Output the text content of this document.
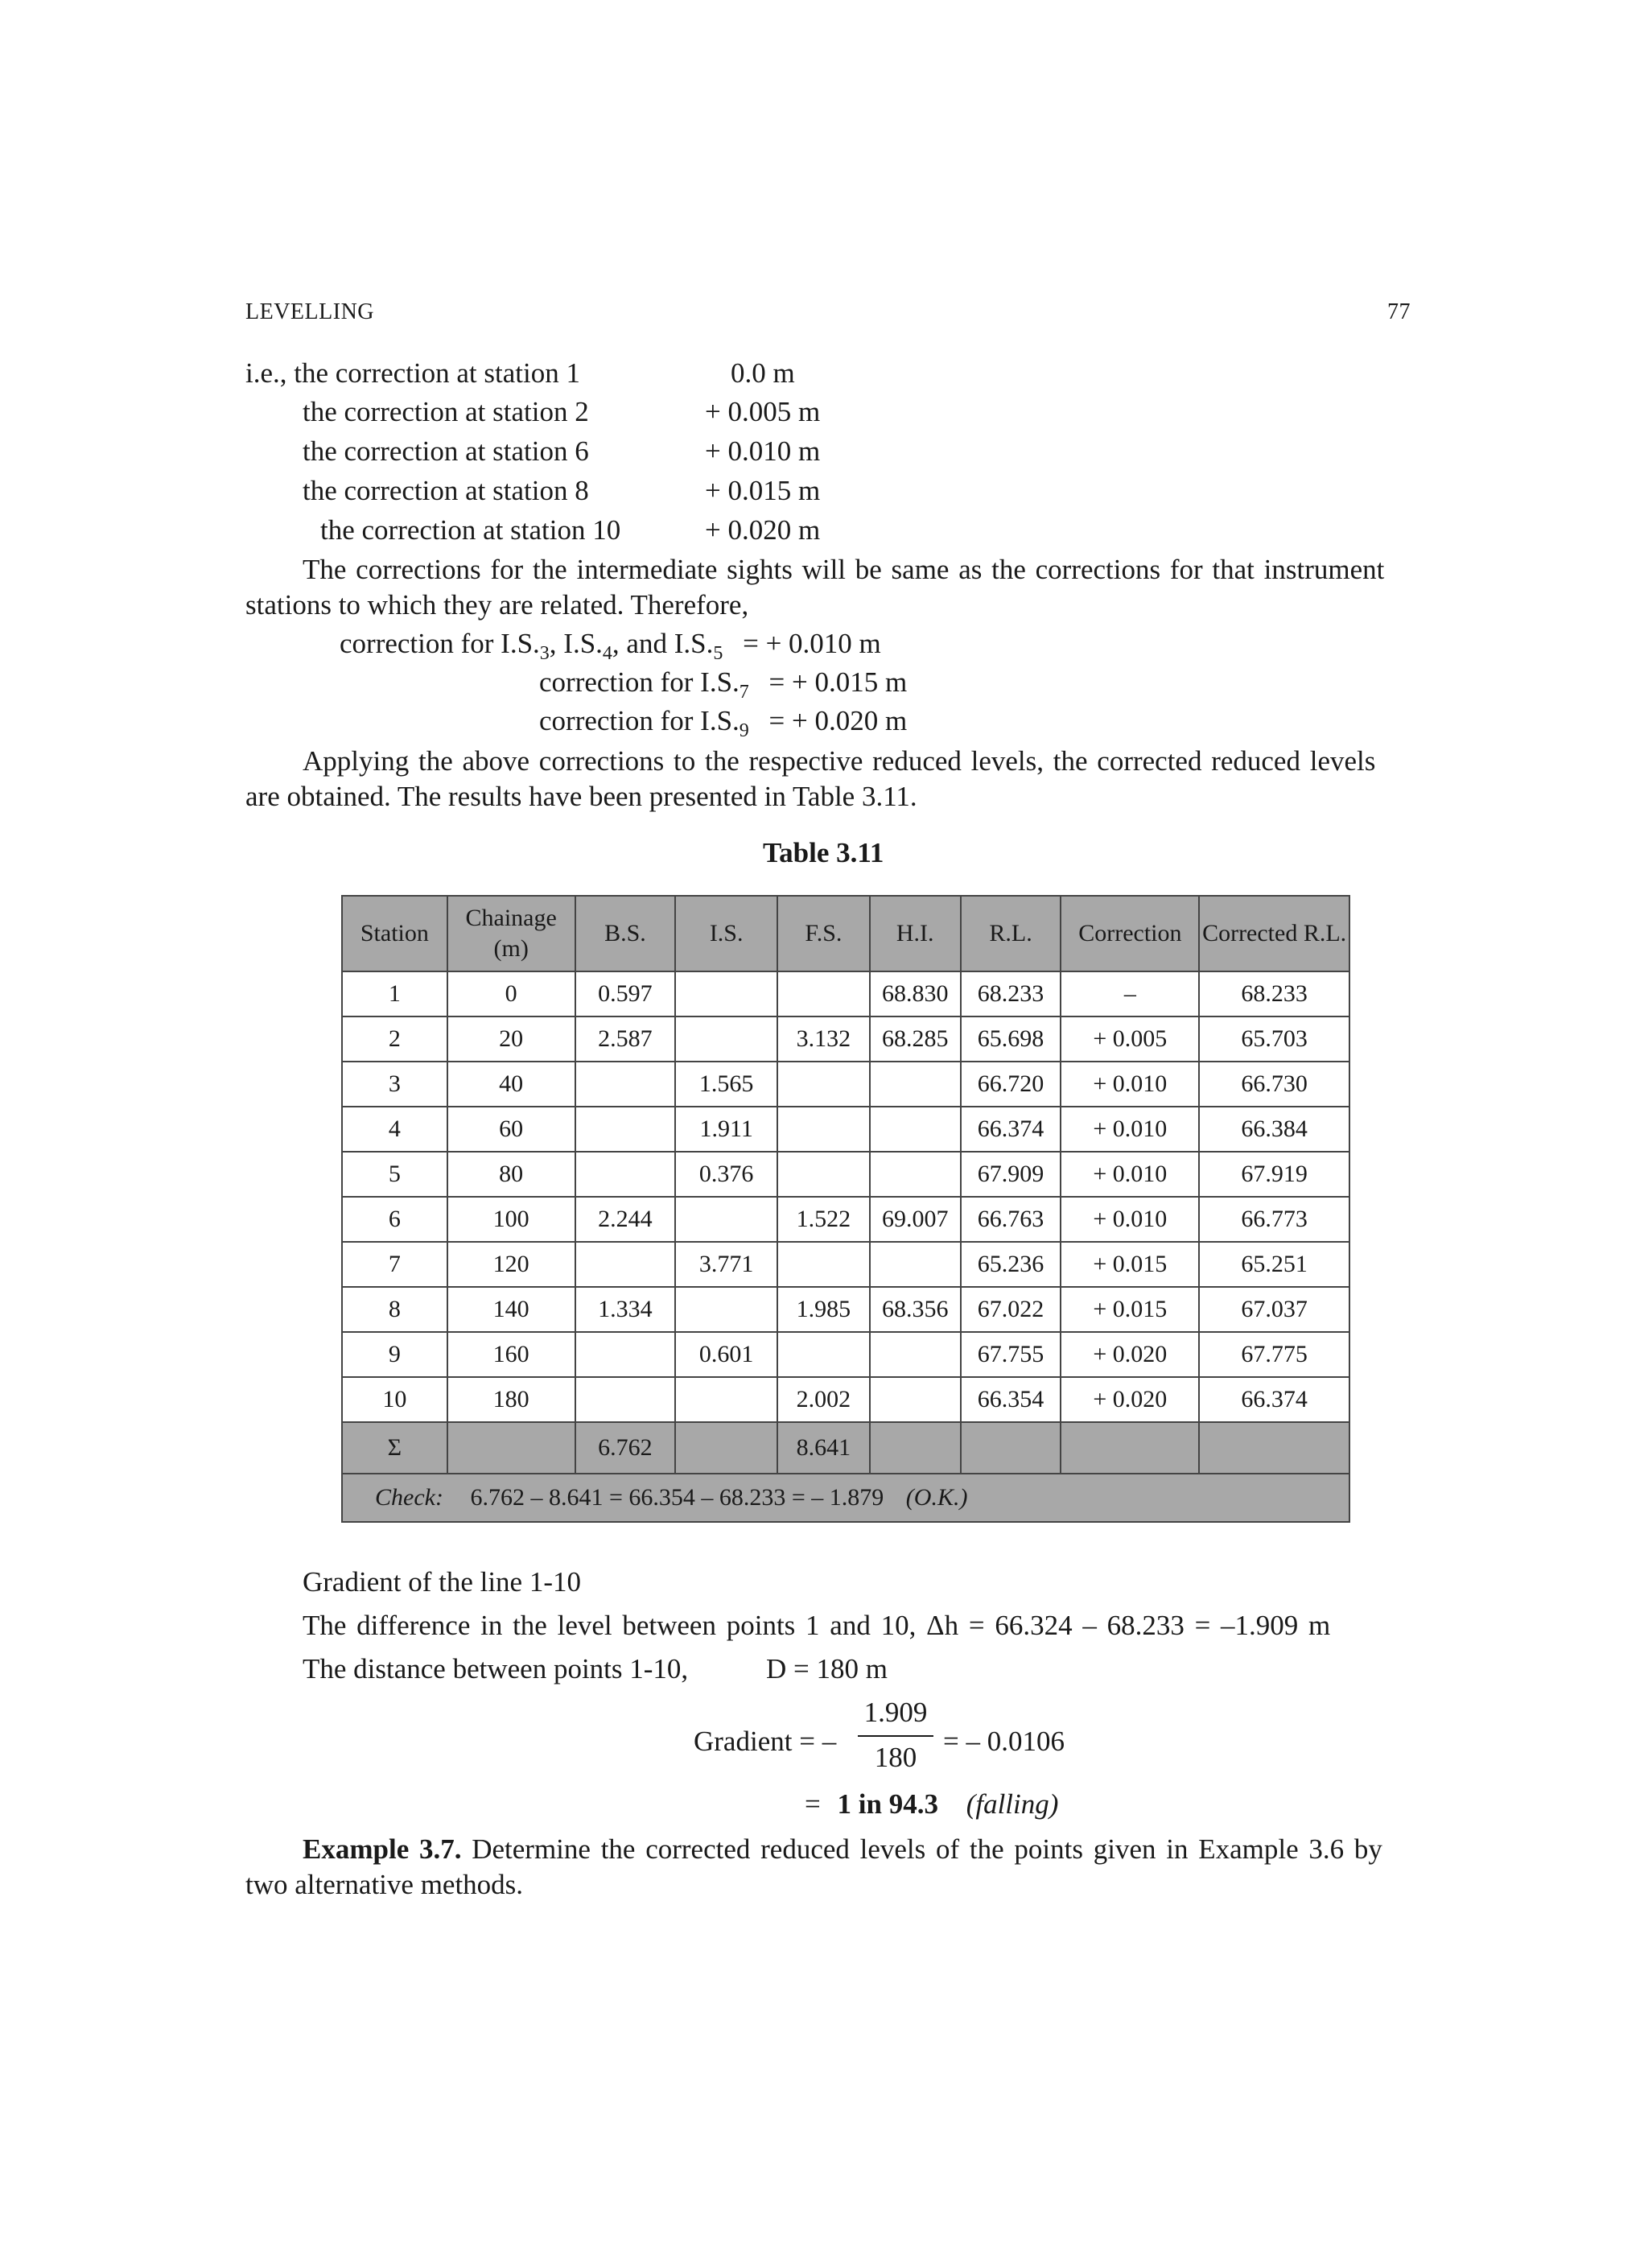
LEVELLING	77
i.e., the correction at station 1	0.0 m
the correction at station 2	+ 0.005 m
the correction at station 6	+ 0.010 m
the correction at station 8	+ 0.015 m
the correction at station 10	+ 0.020 m
The corrections for the intermediate sights will be same as the corrections for that instrument
stations to which they are related. Therefore,
correction for $I.S._3$, $I.S._4$, and $I.S._5$ = + 0.010 m
correction for $I.S._7$ = + 0.015 m
correction for $I.S._9$ = + 0.020 m
Applying the above corrections to the respective reduced levels, the corrected reduced levels
are obtained. The results have been presented in Table 3.11.
Table 3.11
Station	Chainage (m)	B.S.	I.S.	F.S.	H.I.	R.L.	Correction	Corrected R.L.
1	0	0.597			68.830	68.233	–	68.233
2	20	2.587		3.132	68.285	65.698	+ 0.005	65.703
3	40		1.565			66.720	+ 0.010	66.730
4	60		1.911			66.374	+ 0.010	66.384
5	80		0.376			67.909	+ 0.010	67.919
6	100	2.244		1.522	69.007	66.763	+ 0.010	66.773
7	120		3.771			65.236	+ 0.015	65.251
8	140	1.334		1.985	68.356	67.022	+ 0.015	67.037
9	160		0.601			67.755	+ 0.020	67.775
10	180			2.002		66.354	+ 0.020	66.374
Σ		6.762		8.641				
Check: 6.762 – 8.641 = 66.354 – 68.233 = – 1.879 (O.K.)								
Gradient of the line 1-10
The difference in the level between points 1 and 10, Δh = 66.324 – 68.233 = –1.909 m
The distance between points 1-10,	D = 180 m
Gradient = –
1.909
180
= – 0.0106
= 1 in 94.3 (falling)
Example 3.7. Determine the corrected reduced levels of the points given in Example 3.6 by
two alternative methods.
